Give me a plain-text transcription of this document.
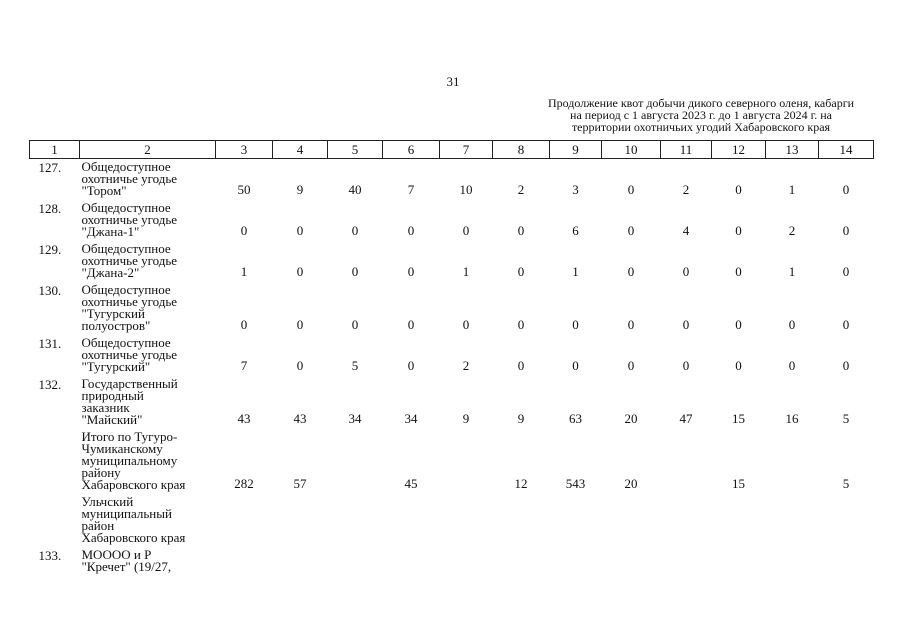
31
Продолжение квот добычи дикого северного оленя, кабарги
на период с 1 августа 2023 г. до 1 августа 2024 г. на
территории охотничьих угодий Хабаровского края
1	2	3	4	5	6	7	8	9	10	11	12	13	14
127.	Общедоступное
охотничье угодье
"Тором"	50	9	40	7	10	2	3	0	2	0	1	0
128.	Общедоступное
охотничье угодье
"Джана-1"	0	0	0	0	0	0	6	0	4	0	2	0
129.	Общедоступное
охотничье угодье
"Джана-2"	1	0	0	0	1	0	1	0	0	0	1	0
130.	Общедоступное
охотничье угодье
"Тугурский
полуостров"	0	0	0	0	0	0	0	0	0	0	0	0
131.	Общедоступное
охотничье угодье
"Тугурский"	7	0	5	0	2	0	0	0	0	0	0	0
132.	Государственный
природный
заказник
"Майский"	43	43	34	34	9	9	63	20	47	15	16	5

	Итого по Тугуро-
Чумиканскому
муниципальному
району
Хабаровского края	282	57		45		12	543	20		15		5

	Ульчский
муниципальный
район
Хабаровского края												

133.	МОООО и Р
"Кречет" (19/27,												
